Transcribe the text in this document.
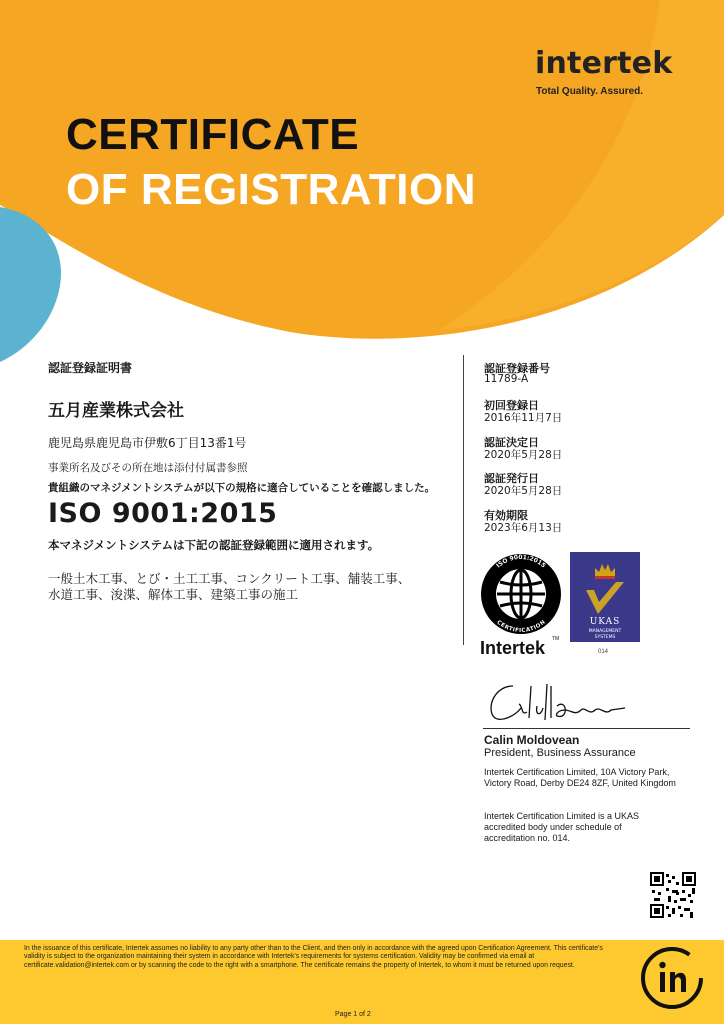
intertek
Total Quality. Assured.
CERTIFICATE
OF REGISTRATION
認証登録証明書
五月産業株式会社
鹿児島県鹿児島市伊敷6丁目13番1号
事業所名及びその所在地は添付付属書参照
貴組織のマネジメントシステムが以下の規格に適合していることを確認しました。
ISO 9001:2015
本マネジメントシステムは下記の認証登録範囲に適用されます。
一般土木工事、とび・土工工事、コンクリート工事、舗装工事、
水道工事、浚渫、解体工事、建築工事の施工
認証登録番号
11789-A
初回登録日
2016年11月7日
認証決定日
2020年5月28日
認証発行日
2020年5月28日
有効期限
2023年6月13日
ISO 9001:2015
CERTIFICATION
Intertek TM
UKAS
MANAGEMENT
SYSTEMS
014
Calin Moldovean
President, Business Assurance
Intertek Certification Limited, 10A Victory Park, Victory Road, Derby DE24 8ZF, United Kingdom
Intertek Certification Limited is a UKAS accredited body under schedule of accreditation no. 014.
In the issuance of this certificate, Intertek assumes no liability to any party other than to the Client, and then only in accordance with the agreed upon Certification Agreement. This certificate's validity is subject to the organization maintaining their system in accordance with Intertek's requirements for systems certification. Validity may be confirmed via email at certificate.validation@intertek.com or by scanning the code to the right with a smartphone. The certificate remains the property of Intertek, to whom it must be returned upon request.
Page 1 of 2
